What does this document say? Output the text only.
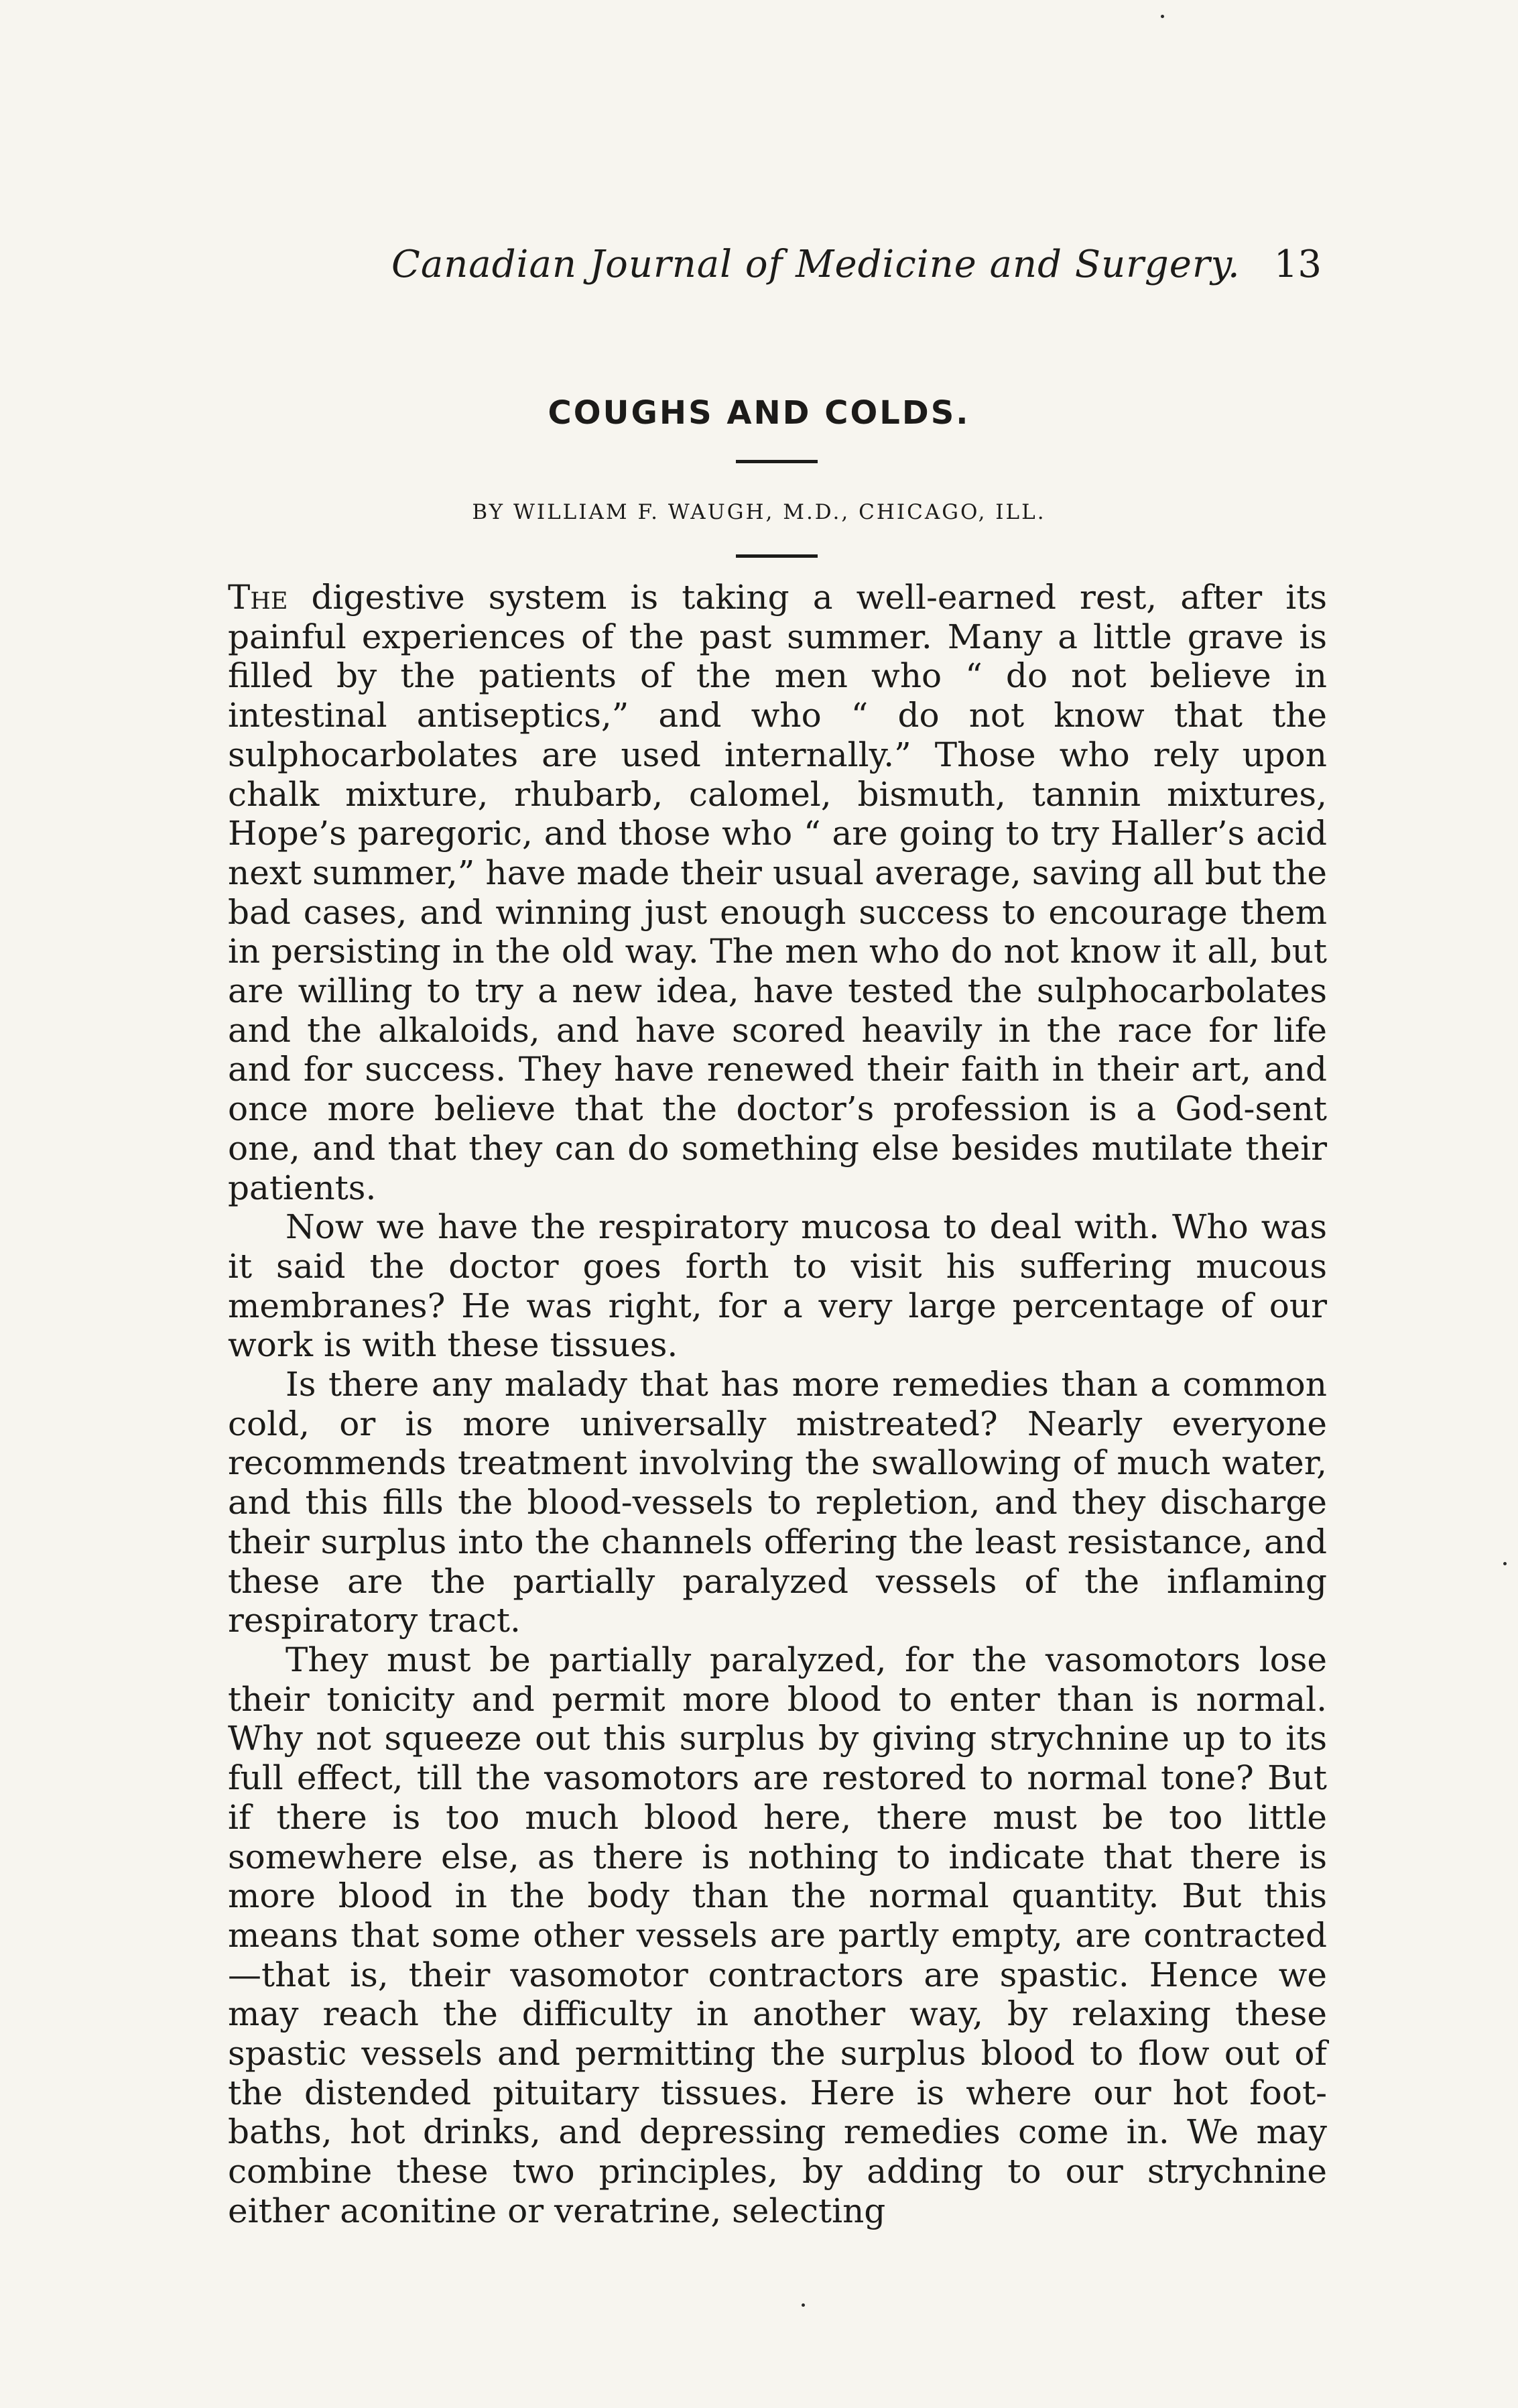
Canadian Journal of Medicine and Surgery. 13
COUGHS AND COLDS.
BY WILLIAM F. WAUGH, M.D., CHICAGO, ILL.

The digestive system is taking a well-earned rest, after its painful experiences of the past summer. Many a little grave is filled by the patients of the men who “ do not believe in intestinal antiseptics,” and who “ do not know that the sulphocarbolates are used internally.” Those who rely upon chalk mixture, rhubarb, calomel, bismuth, tannin mixtures, Hope’s paregoric, and those who “ are going to try Haller’s acid next summer,” have made their usual average, saving all but the bad cases, and winning just enough success to encourage them in persisting in the old way. The men who do not know it all, but are willing to try a new idea, have tested the sulphocarbolates and the alkaloids, and have scored heavily in the race for life and for success. They have renewed their faith in their art, and once more believe that the doctor’s profession is a God-sent one, and that they can do something else besides mutilate their patients.

Now we have the respiratory mucosa to deal with. Who was it said the doctor goes forth to visit his suffering mucous membranes? He was right, for a very large percentage of our work is with these tissues.

Is there any malady that has more remedies than a common cold, or is more universally mistreated? Nearly everyone recommends treatment involving the swallowing of much water, and this fills the blood-vessels to repletion, and they discharge their surplus into the channels offering the least resistance, and these are the partially paralyzed vessels of the inflaming respiratory tract.

They must be partially paralyzed, for the vasomotors lose their tonicity and permit more blood to enter than is normal. Why not squeeze out this surplus by giving strychnine up to its full effect, till the vasomotors are restored to normal tone? But if there is too much blood here, there must be too little somewhere else, as there is nothing to indicate that there is more blood in the body than the normal quantity. But this means that some other vessels are partly empty, are contracted—that is, their vasomotor contractors are spastic. Hence we may reach the difficulty in another way, by relaxing these spastic vessels and permitting the surplus blood to flow out of the distended pituitary tissues. Here is where our hot foot-baths, hot drinks, and depressing remedies come in. We may combine these two principles, by adding to our strychnine either aconitine or veratrine, selecting
